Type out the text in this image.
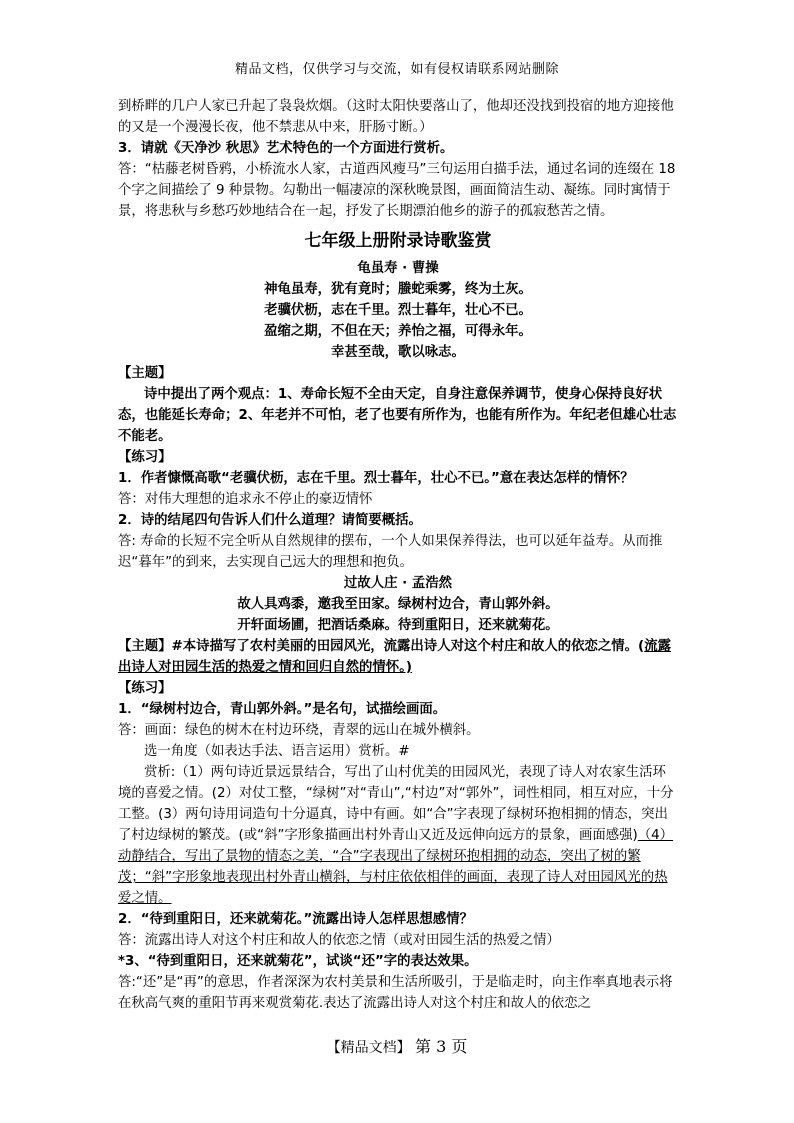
精品文档，仅供学习与交流，如有侵权请联系网站删除

到桥畔的几户人家已升起了袅袅炊烟。（这时太阳快要落山了，他却还没找到投宿的地方迎接他的又是一个漫漫长夜，他不禁悲从中来，肝肠寸断。）

3．请就《天净沙 秋思》艺术特色的一个方面进行赏析。

答：“枯藤老树昏鸦，小桥流水人家，古道西风瘦马”三句运用白描手法，通过名词的连缀在 18 个字之间描绘了 9 种景物。勾勒出一幅凄凉的深秋晚景图，画面简洁生动、凝练。同时寓情于景，将悲秋与乡愁巧妙地结合在一起，抒发了长期漂泊他乡的游子的孤寂愁苦之情。

七年级上册附录诗歌鉴赏

龟虽寿 · 曹操

神龟虽寿，犹有竟时；螣蛇乘雾，终为土灰。

老骥伏枥，志在千里。烈士暮年，壮心不已。

盈缩之期，不但在天；养怡之福，可得永年。

幸甚至哉，歌以咏志。

【主题】

诗中提出了两个观点：1、寿命长短不全由天定，自身注意保养调节，使身心保持良好状态，也能延长寿命；2、年老并不可怕，老了也要有所作为，也能有所作为。年纪老但雄心壮志不能老。

【练习】

1．作者慷慨高歌“老骥伏枥，志在千里。烈士暮年，壮心不已。”意在表达怎样的情怀？

答：对伟大理想的追求永不停止的豪迈情怀

2．诗的结尾四句告诉人们什么道理？请简要概括。

答: 寿命的长短不完全听从自然规律的摆布，一个人如果保养得法，也可以延年益寿。从而推迟“暮年”的到来，去实现自己远大的理想和抱负。

过故人庄 · 孟浩然

故人具鸡黍，邀我至田家。绿树村边合，青山郭外斜。

开轩面场圃，把酒话桑麻。待到重阳日，还来就菊花。

【主题】#本诗描写了农村美丽的田园风光，流露出诗人对这个村庄和故人的依恋之情。(流露出诗人对田园生活的热爱之情和回归自然的情怀。)

【练习】

1．“绿树村边合，青山郭外斜。”是名句，试描绘画面。

答：画面：绿色的树木在村边环绕，青翠的远山在城外横斜。

选一角度（如表达手法、语言运用）赏析。#

赏析:（1）两句诗近景远景结合，写出了山村优美的田园风光，表现了诗人对农家生活环境的喜爱之情。(2）对仗工整，“绿树”对“青山”,“村边”对“郭外”，词性相同，相互对应，十分工整。(3）两句诗用词造句十分逼真，诗中有画。如“合”字表现了绿树环抱相拥的情态，突出了村边绿树的繁茂。(或“斜”字形象描画出村外青山又近及远伸向远方的景象，画面感强)（4）动静结合，写出了景物的情态之美，“合”字表现出了绿树环抱相拥的动态，突出了树的繁茂；“斜”字形象地表现出村外青山横斜，与村庄依依相伴的画面，表现了诗人对田园风光的热爱之情。

2．“待到重阳日，还来就菊花。”流露出诗人怎样思想感情？

答：流露出诗人对这个村庄和故人的依恋之情（或对田园生活的热爱之情）

*3、“待到重阳日，还来就菊花”，试谈“还”字的表达效果。

答:“还”是“再”的意思，作者深深为农村美景和生活所吸引，于是临走时，向主作率真地表示将在秋高气爽的重阳节再来观赏菊花.表达了流露出诗人对这个村庄和故人的依恋之

【精品文档】 第 3 页
